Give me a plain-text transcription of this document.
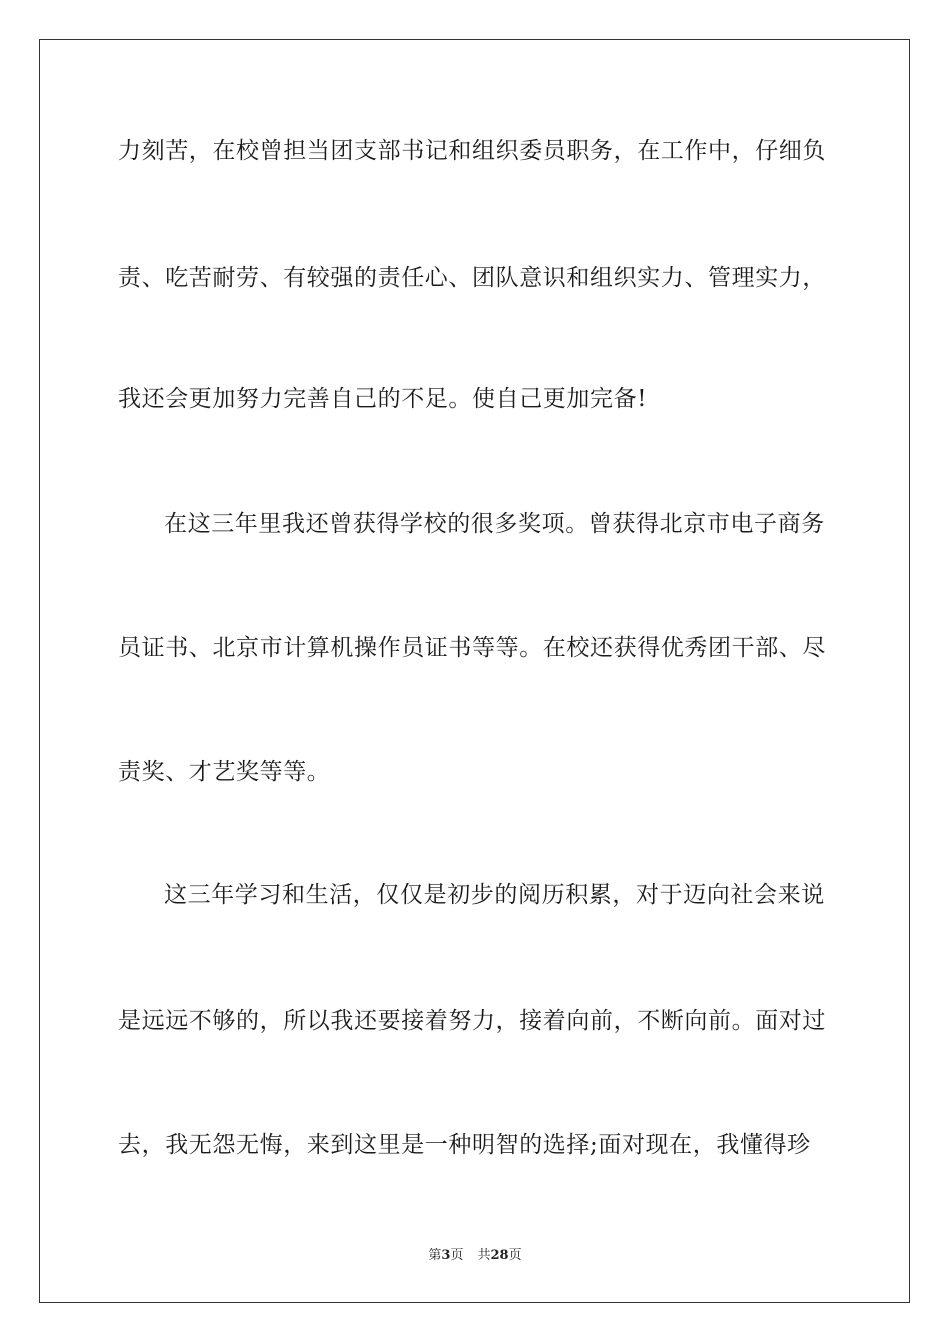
力刻苦，在校曾担当团支部书记和组织委员职务，在工作中，仔细负
责、吃苦耐劳、有较强的责任心、团队意识和组织实力、管理实力，
我还会更加努力完善自己的不足。使自己更加完备!
在这三年里我还曾获得学校的很多奖项。曾获得北京市电子商务
员证书、北京市计算机操作员证书等等。在校还获得优秀团干部、尽
责奖、才艺奖等等。
这三年学习和生活，仅仅是初步的阅历积累，对于迈向社会来说
是远远不够的，所以我还要接着努力，接着向前，不断向前。面对过
去，我无怨无悔，来到这里是一种明智的选择;面对现在，我懂得珍
第3页 共28页
